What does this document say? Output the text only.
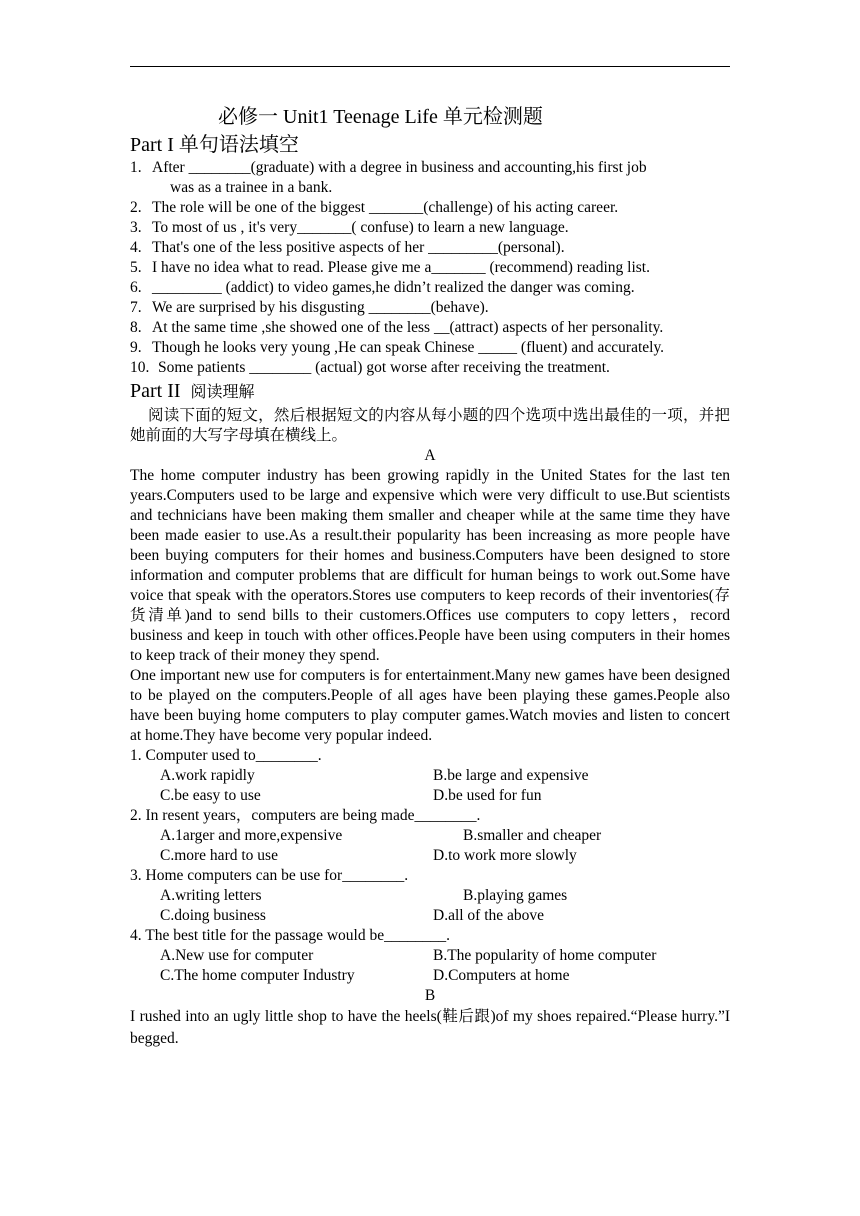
必修一 Unit1 Teenage Life 单元检测题
Part I 单句语法填空
1. After ________(graduate) with a degree in business and accounting,his first job
was as a trainee in a bank.
2. The role will be one of the biggest _______(challenge) of his acting career.
3. To most of us , it's very_______( confuse) to learn a new language.
4. That's one of the less positive aspects of her _________(personal).
5. I have no idea what to read. Please give me a_______ (recommend) reading list.
6. _________ (addict) to video games,he didn’t realized the danger was coming.
7. We are surprised by his disgusting ________(behave).
8. At the same time ,she showed one of the less __(attract) aspects of her personality.
9. Though he looks very young ,He can speak Chinese _____ (fluent) and accurately.
10. Some patients ________ (actual) got worse after receiving the treatment.
Part II 阅读理解
阅读下面的短文，然后根据短文的内容从每小题的四个选项中选出最佳的一项，并把她前面的大写字母填在横线上。
A
The home computer industry has been growing rapidly in the United States for the last ten years.Computers used to be large and expensive which were very difficult to use.But scientists and technicians have been making them smaller and cheaper while at the same time they have been made easier to use.As a result.their popularity has been increasing as more people have been buying computers for their homes and business.Computers have been designed to store information and computer problems that are difficult for human beings to work out.Some have voice that speak with the operators.Stores use computers to keep records of their inventories(存货清单)and to send bills to their customers.Offices use computers to copy letters，record business and keep in touch with other offices.People have been using computers in their homes to keep track of their money they spend.
One important new use for computers is for entertainment.Many new games have been designed to be played on the computers.People of all ages have been playing these games.People also have been buying home computers to play computer games.Watch movies and listen to concert at home.They have become very popular indeed.
1. Computer used to________.
A.work rapidly	B.be large and expensive
C.be easy to use	D.be used for fun
2. In resent years，computers are being made________.
A.1arger and more,expensive	B.smaller and cheaper
C.more hard to use	D.to work more slowly
3. Home computers can be use for________.
A.writing letters	B.playing games
C.doing business	D.all of the above
4. The best title for the passage would be________.
A.New use for computer	B.The popularity of home computer
C.The home computer Industry	D.Computers at home
B
I rushed into an ugly little shop to have the heels(鞋后跟)of my shoes repaired.“Please hurry.”I begged.
